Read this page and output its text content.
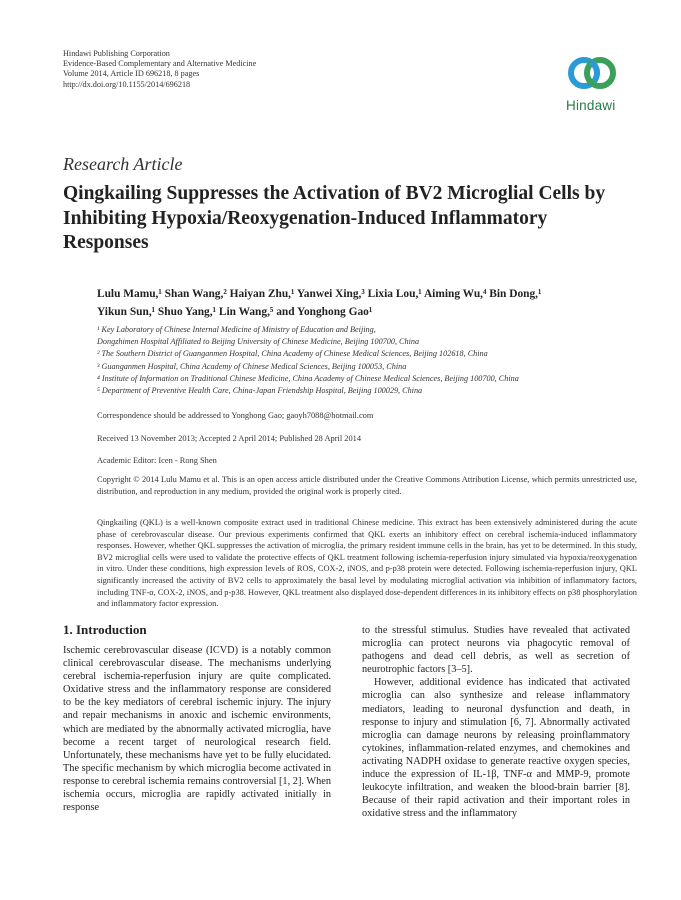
Hindawi Publishing Corporation
Evidence-Based Complementary and Alternative Medicine
Volume 2014, Article ID 696218, 8 pages
http://dx.doi.org/10.1155/2014/696218
Hindawi
Research Article
Qingkailing Suppresses the Activation of BV2 Microglial Cells by Inhibiting Hypoxia/Reoxygenation-Induced Inflammatory Responses
Lulu Mamu,¹ Shan Wang,² Haiyan Zhu,¹ Yanwei Xing,³ Lixia Lou,¹ Aiming Wu,⁴ Bin Dong,¹
Yikun Sun,¹ Shuo Yang,¹ Lin Wang,⁵ and Yonghong Gao¹
¹ Key Laboratory of Chinese Internal Medicine of Ministry of Education and Beijing,
Dongzhimen Hospital Affiliated to Beijing University of Chinese Medicine, Beijing 100700, China
² The Southern District of Guanganmen Hospital, China Academy of Chinese Medical Sciences, Beijing 102618, China
³ Guanganmen Hospital, China Academy of Chinese Medical Sciences, Beijing 100053, China
⁴ Institute of Information on Traditional Chinese Medicine, China Academy of Chinese Medical Sciences, Beijing 100700, China
⁵ Department of Preventive Health Care, China-Japan Friendship Hospital, Beijing 100029, China
Correspondence should be addressed to Yonghong Gao; gaoyh7088@hotmail.com
Received 13 November 2013; Accepted 2 April 2014; Published 28 April 2014
Academic Editor: Icen - Rong Shen
Copyright © 2014 Lulu Mamu et al. This is an open access article distributed under the Creative Commons Attribution License, which permits unrestricted use, distribution, and reproduction in any medium, provided the original work is properly cited.
Qingkailing (QKL) is a well-known composite extract used in traditional Chinese medicine. This extract has been extensively administered during the acute phase of cerebrovascular disease. Our previous experiments confirmed that QKL exerts an inhibitory effect on cerebral ischemia-induced inflammatory responses. However, whether QKL suppresses the activation of microglia, the primary resident immune cells in the brain, has yet to be determined. In this study, BV2 microglial cells were used to validate the protective effects of QKL treatment following ischemia-reperfusion injury simulated via hypoxia/reoxygenation in vitro. Under these conditions, high expression levels of ROS, COX-2, iNOS, and p-p38 protein were detected. Following ischemia-reperfusion injury, QKL significantly increased the activity of BV2 cells to approximately the basal level by modulating microglial activation via inhibition of inflammatory factors, including TNF-α, COX-2, iNOS, and p-p38. However, QKL treatment also displayed dose-dependent differences in its inhibitory effects on p38 phosphorylation and inflammatory factor expression.
1. Introduction

Ischemic cerebrovascular disease (ICVD) is a notably common clinical cerebrovascular disease. The mechanisms underlying cerebral ischemia-reperfusion injury are quite complicated. Oxidative stress and the inflammatory response are considered to be the key mediators of cerebral ischemic injury. The injury and repair mechanisms in anoxic and ischemic environments, which are mediated by the abnormally activated microglia, have become a recent target of neurological research field. Unfortunately, these mechanisms have yet to be fully elucidated. The specific mechanism by which microglia become activated in response to cerebral ischemia remains controversial [1, 2]. When ischemia occurs, microglia are rapidly activated initially in response

to the stressful stimulus. Studies have revealed that activated microglia can protect neurons via phagocytic removal of pathogens and dead cell debris, as well as secretion of neurotrophic factors [3–5].

However, additional evidence has indicated that activated microglia can also synthesize and release inflammatory mediators, leading to neuronal dysfunction and death, in response to injury and stimulation [6, 7]. Abnormally activated microglia can damage neurons by releasing proinflammatory cytokines, inflammation-related enzymes, and chemokines and activating NADPH oxidase to generate reactive oxygen species, induce the expression of IL-1β, TNF-α and MMP-9, promote leukocyte infiltration, and weaken the blood-brain barrier [8]. Because of their rapid activation and their important roles in oxidative stress and the inflammatory
